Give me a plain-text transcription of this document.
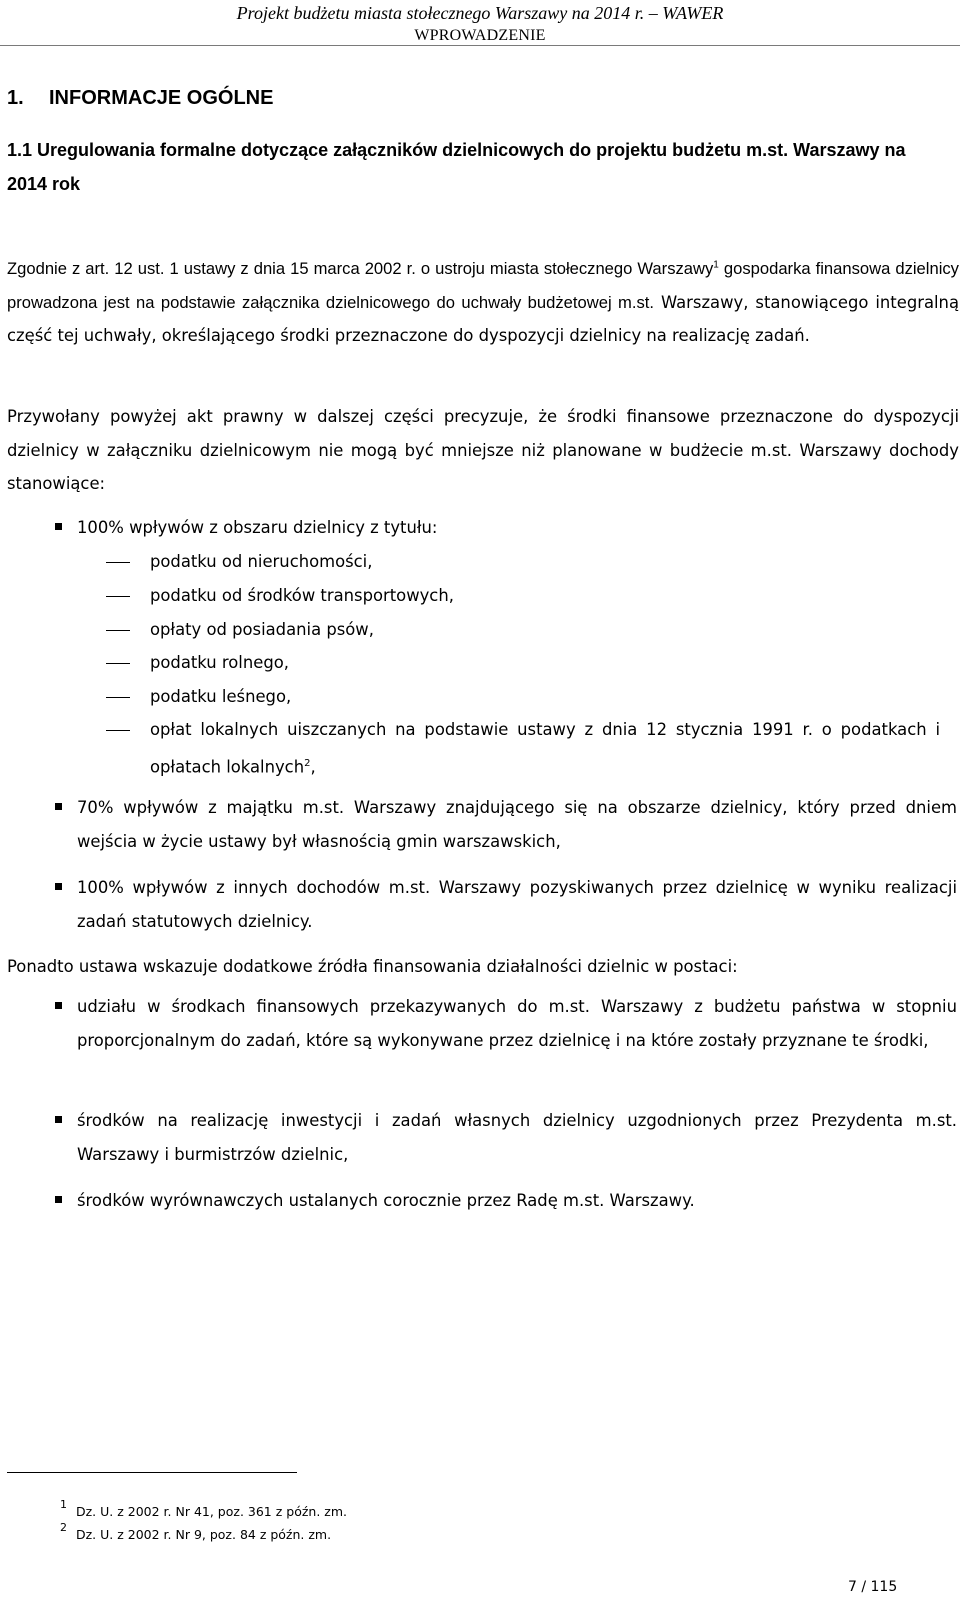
Projekt budżetu miasta stołecznego Warszawy na 2014 r. – WAWER
WPROWADZENIE
1. INFORMACJE OGÓLNE
1.1 Uregulowania formalne dotyczące załączników dzielnicowych do projektu budżetu m.st. Warszawy na 2014 rok
Zgodnie z art. 12 ust. 1 ustawy z dnia 15 marca 2002 r. o ustroju miasta stołecznego Warszawy$^1$ gospodarka finansowa dzielnicy prowadzona jest na podstawie załącznika dzielnicowego do uchwały budżetowej m.st. Warszawy, stanowiącego integralną część tej uchwały, określającego środki przeznaczone do dyspozycji dzielnicy na realizację zadań.
Przywołany powyżej akt prawny w dalszej części precyzuje, że środki finansowe przeznaczone do dyspozycji dzielnicy w załączniku dzielnicowym nie mogą być mniejsze niż planowane w budżecie m.st. Warszawy dochody stanowiące:
100% wpływów z obszaru dzielnicy z tytułu:
podatku od nieruchomości,
podatku od środków transportowych,
opłaty od posiadania psów,
podatku rolnego,
podatku leśnego,
opłat lokalnych uiszczanych na podstawie ustawy z dnia 12 stycznia 1991 r. o podatkach i opłatach lokalnych$^2$,
70% wpływów z majątku m.st. Warszawy znajdującego się na obszarze dzielnicy, który przed dniem wejścia w życie ustawy był własnością gmin warszawskich,
100% wpływów z innych dochodów m.st. Warszawy pozyskiwanych przez dzielnicę w wyniku realizacji zadań statutowych dzielnicy.
Ponadto ustawa wskazuje dodatkowe źródła finansowania działalności dzielnic w postaci:
udziału w środkach finansowych przekazywanych do m.st. Warszawy z budżetu państwa w stopniu proporcjonalnym do zadań, które są wykonywane przez dzielnicę i na które zostały przyznane te środki,
środków na realizację inwestycji i zadań własnych dzielnicy uzgodnionych przez Prezydenta m.st. Warszawy i burmistrzów dzielnic,
środków wyrównawczych ustalanych corocznie przez Radę m.st. Warszawy.
1 Dz. U. z 2002 r. Nr 41, poz. 361 z późn. zm.
2 Dz. U. z 2002 r. Nr 9, poz. 84 z późn. zm.
7 / 115
